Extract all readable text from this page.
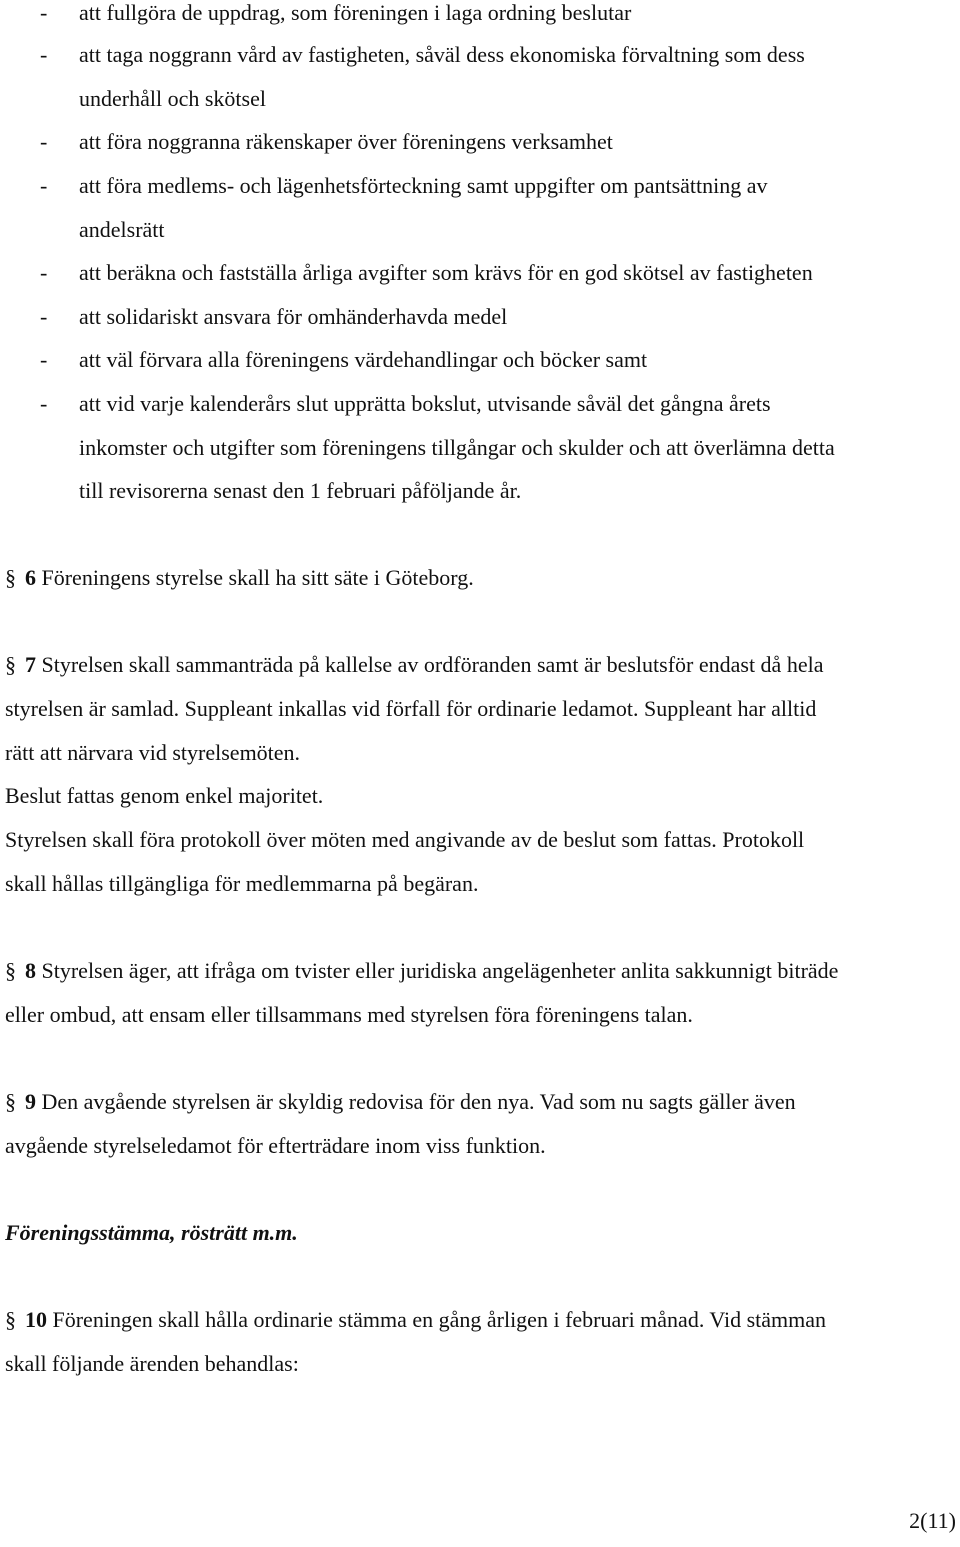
-	att fullgöra de uppdrag, som föreningen i laga ordning beslutar
-	att taga noggrann vård av fastigheten, såväl dess ekonomiska förvaltning som dess
underhåll och skötsel
-	att föra noggranna räkenskaper över föreningens verksamhet
-	att föra medlems- och lägenhetsförteckning samt uppgifter om pantsättning av
andelsrätt
-	att beräkna och fastställa årliga avgifter som krävs för en god skötsel av fastigheten
-	att solidariskt ansvara för omhänderhavda medel
-	att väl förvara alla föreningens värdehandlingar och böcker samt
-	att vid varje kalenderårs slut upprätta bokslut, utvisande såväl det gångna årets
inkomster och utgifter som föreningens tillgångar och skulder och att överlämna detta
till revisorerna senast den 1 februari påföljande år.
§ 6 Föreningens styrelse skall ha sitt säte i Göteborg.
§ 7 Styrelsen skall sammanträda på kallelse av ordföranden samt är beslutsför endast då hela
styrelsen är samlad. Suppleant inkallas vid förfall för ordinarie ledamot. Suppleant har alltid
rätt att närvara vid styrelsemöten.
Beslut fattas genom enkel majoritet.
Styrelsen skall föra protokoll över möten med angivande av de beslut som fattas. Protokoll
skall hållas tillgängliga för medlemmarna på begäran.
§ 8 Styrelsen äger, att ifråga om tvister eller juridiska angelägenheter anlita sakkunnigt biträde
eller ombud, att ensam eller tillsammans med styrelsen föra föreningens talan.
§ 9 Den avgående styrelsen är skyldig redovisa för den nya. Vad som nu sagts gäller även
avgående styrelseledamot för efterträdare inom viss funktion.
Föreningsstämma, rösträtt m.m.
§ 10 Föreningen skall hålla ordinarie stämma en gång årligen i februari månad. Vid stämman
skall följande ärenden behandlas:
2(11)
